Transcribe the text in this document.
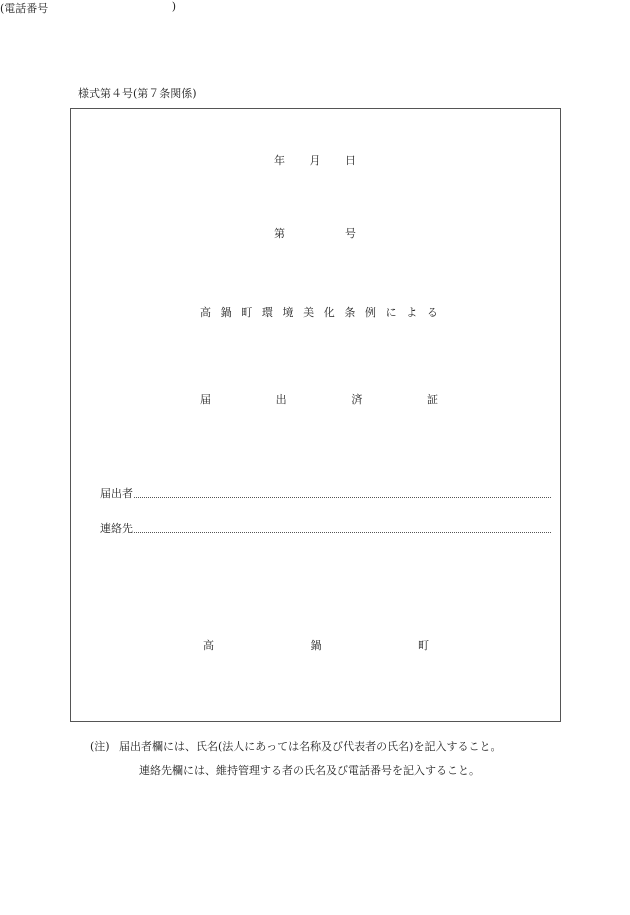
様式第４号(第７条関係)
年 月 日
第	号
高 鍋 町 環 境 美 化 条 例 に よ る
届	出	済	証
届出者
連絡先
(電話番号	)
高	鍋	町
(注) 届出者欄には、氏名(法人にあっては名称及び代表者の氏名)を記入すること。
連絡先欄には、維持管理する者の氏名及び電話番号を記入すること。
